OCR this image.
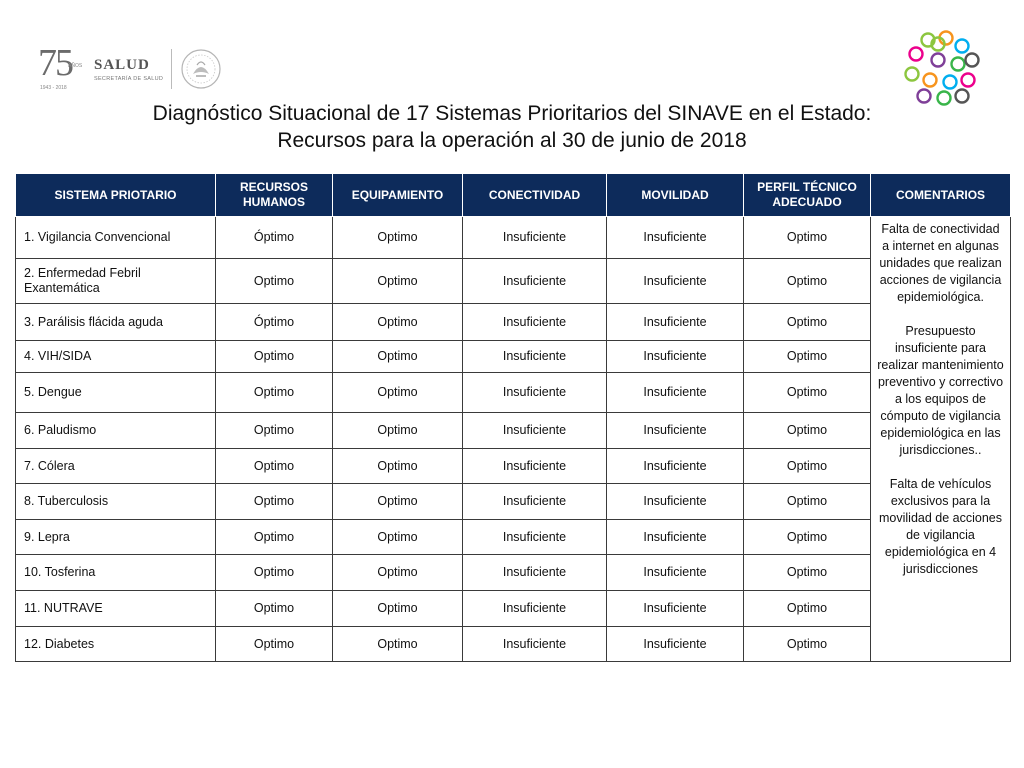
75
AÑOS
1943 - 2018
SALUD
SECRETARÍA DE SALUD
Diagnóstico Situacional de 17 Sistemas Prioritarios del SINAVE en el Estado:
Recursos para la operación al 30 de junio de 2018
SISTEMA PRIOTARIO	RECURSOS HUMANOS	EQUIPAMIENTO	CONECTIVIDAD	MOVILIDAD	PERFIL TÉCNICO ADECUADO	COMENTARIOS
1. Vigilancia Convencional	Óptimo	Optimo	Insuficiente	Insuficiente	Optimo	Falta de conectividad a internet en algunas unidades que realizan acciones de vigilancia epidemiológica.
Presupuesto insuficiente para realizar mantenimiento preventivo y correctivo a los equipos de cómputo de vigilancia epidemiológica en las jurisdicciones..
Falta de vehículos exclusivos para la movilidad de acciones de vigilancia epidemiológica en 4 jurisdicciones

2. Enfermedad Febril Exantemática	Optimo	Optimo	Insuficiente	Insuficiente	Optimo	
3. Parálisis flácida aguda	Óptimo	Optimo	Insuficiente	Insuficiente	Optimo	
4. VIH/SIDA	Optimo	Optimo	Insuficiente	Insuficiente	Optimo	
5. Dengue	Optimo	Optimo	Insuficiente	Insuficiente	Optimo	
6. Paludismo	Optimo	Optimo	Insuficiente	Insuficiente	Optimo	
7. Cólera	Optimo	Optimo	Insuficiente	Insuficiente	Optimo	
8. Tuberculosis	Optimo	Optimo	Insuficiente	Insuficiente	Optimo	
9. Lepra	Optimo	Optimo	Insuficiente	Insuficiente	Optimo	
10. Tosferina	Optimo	Optimo	Insuficiente	Insuficiente	Optimo	
11. NUTRAVE	Optimo	Optimo	Insuficiente	Insuficiente	Optimo	
12. Diabetes	Optimo	Optimo	Insuficiente	Insuficiente	Optimo	
